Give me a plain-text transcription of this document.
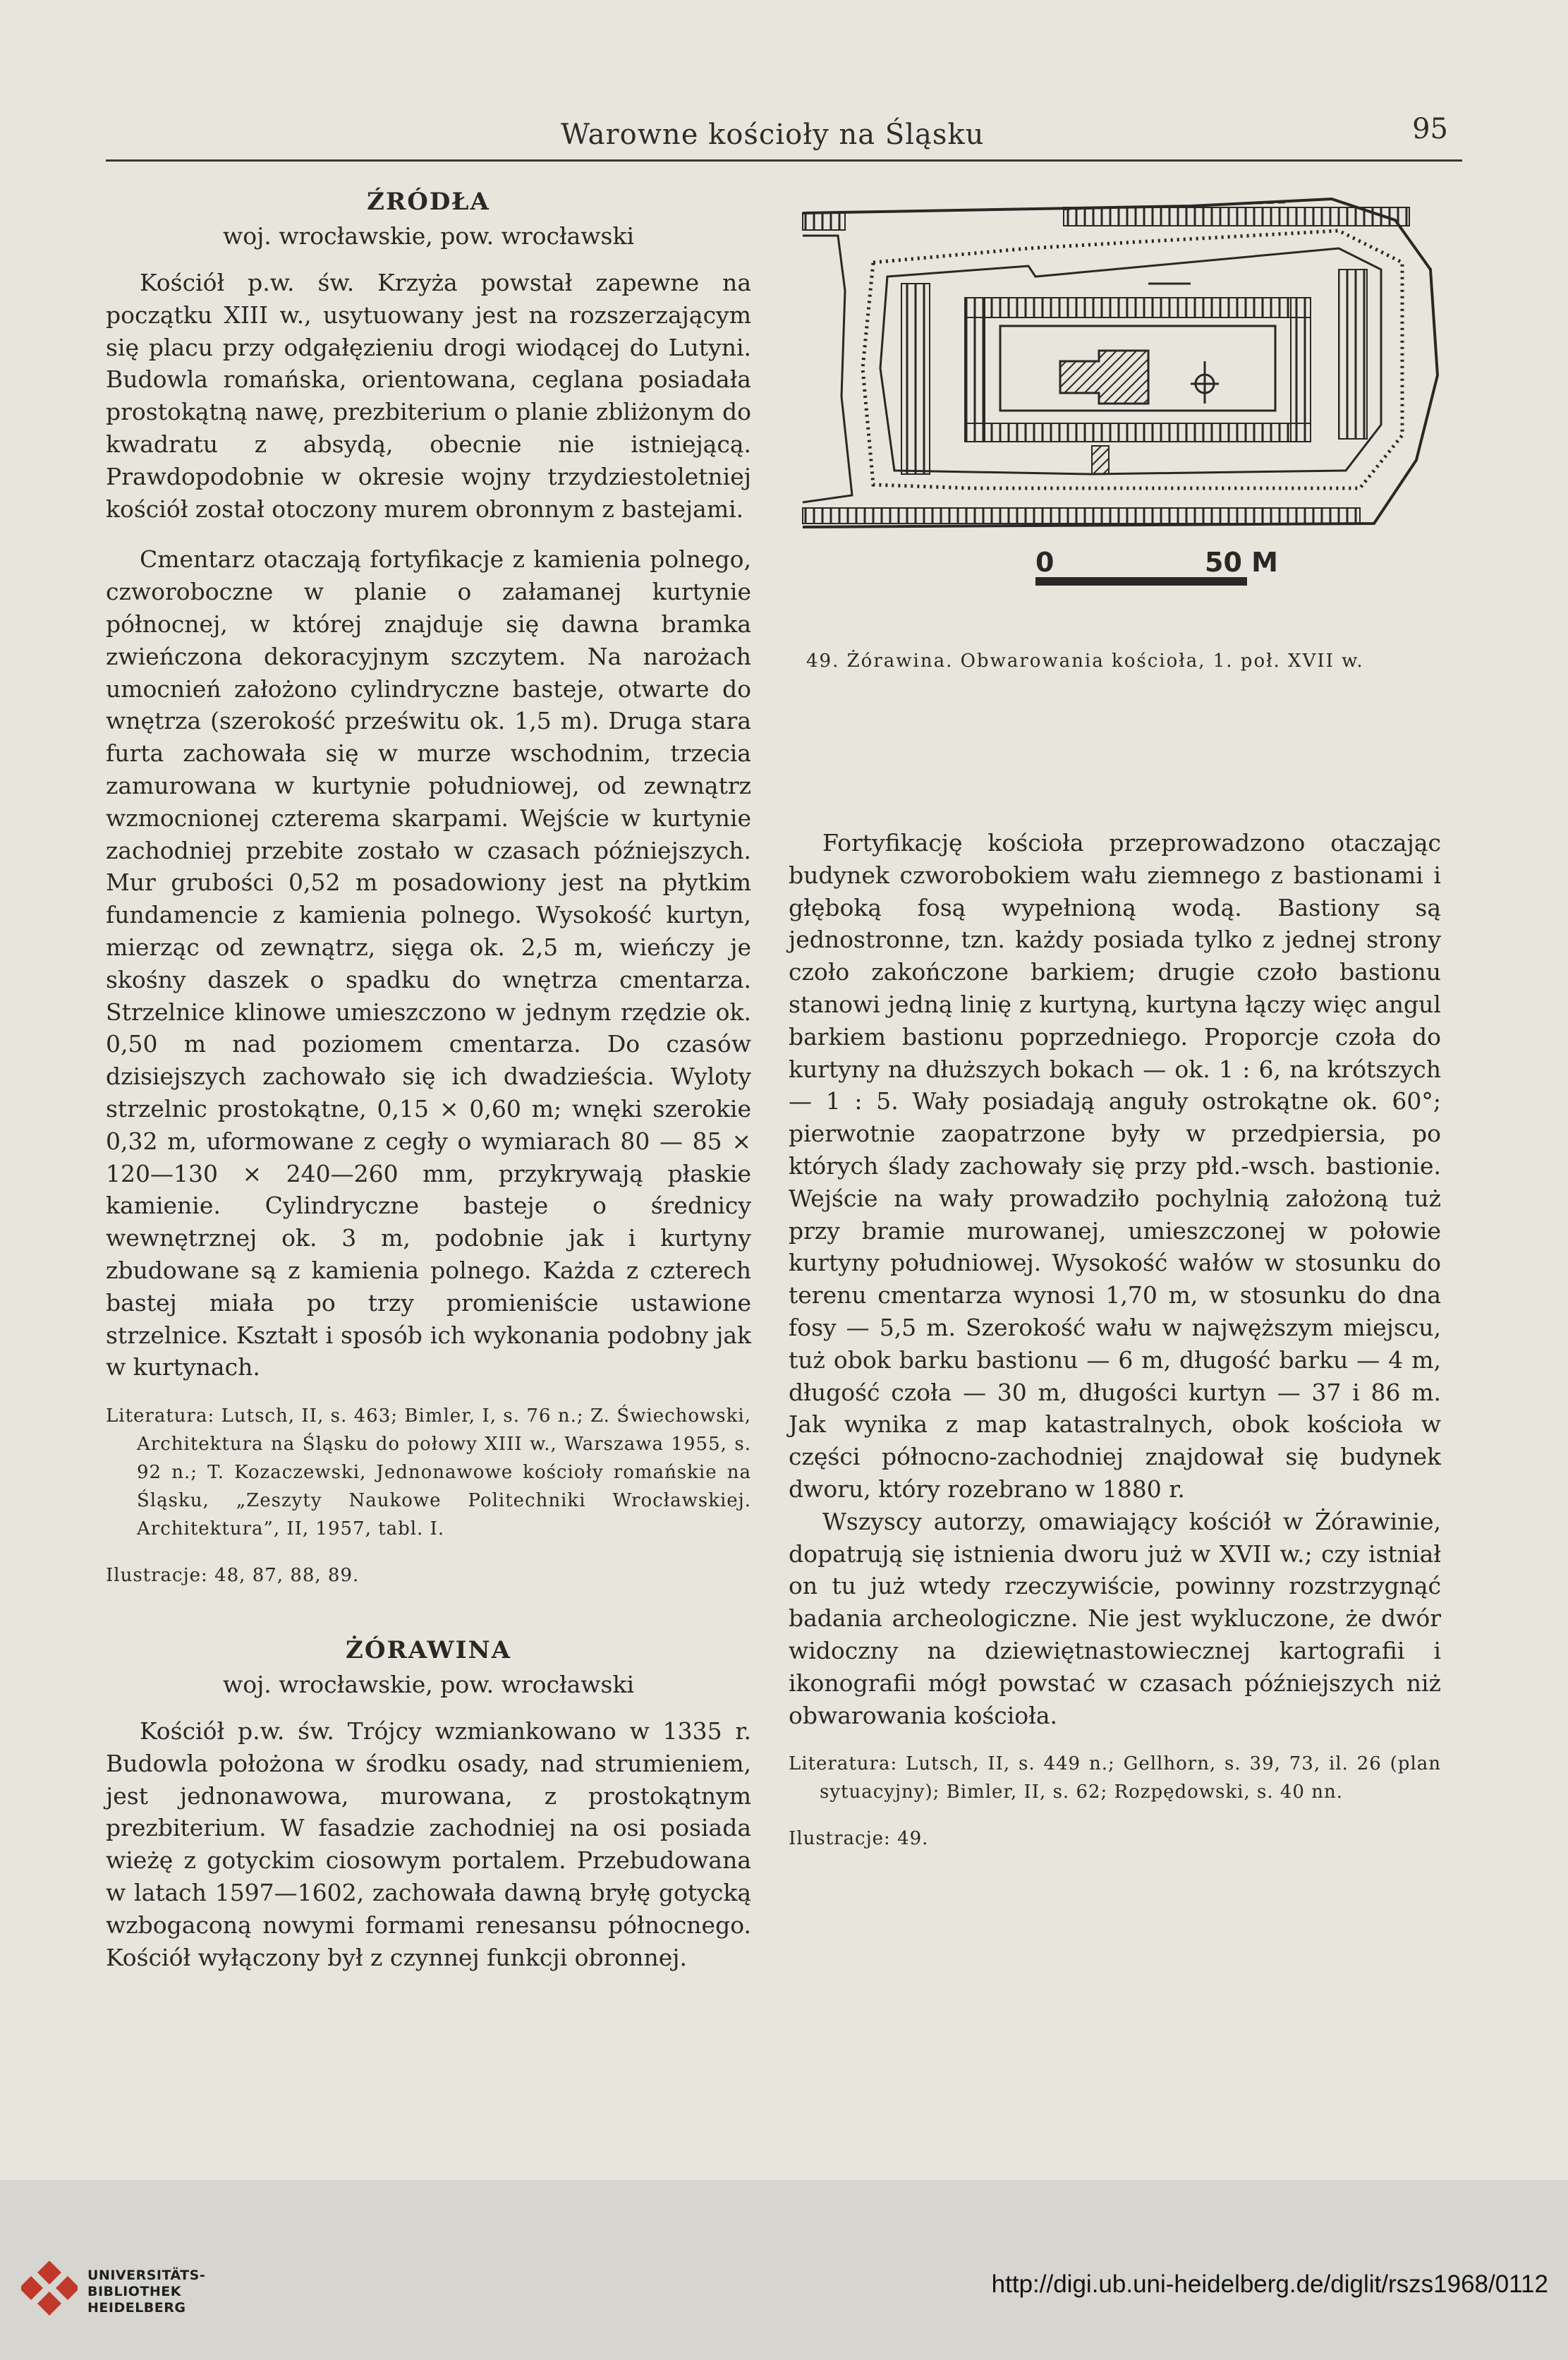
Warowne kościoły na Śląsku	95
ŹRÓDŁA
woj. wrocławskie, pow. wrocławski

Kościół p.w. św. Krzyża powstał zapewne na początku XIII w., usytuowany jest na rozszerzającym się placu przy odgałęzieniu drogi wiodącej do Lutyni. Budowla romańska, orientowana, ceglana posiadała prostokątną nawę, prezbiterium o planie zbliżonym do kwadratu z absydą, obecnie nie istniejącą. Prawdopodobnie w okresie wojny trzydziestoletniej kościół został otoczony murem obronnym z bastejami.

Cmentarz otaczają fortyfikacje z kamienia polnego, czworoboczne w planie o załamanej kurtynie północnej, w której znajduje się dawna bramka zwieńczona dekoracyjnym szczytem. Na narożach umocnień założono cylindryczne basteje, otwarte do wnętrza (szerokość prześwitu ok. 1,5 m). Druga stara furta zachowała się w murze wschodnim, trzecia zamurowana w kurtynie południowej, od zewnątrz wzmocnionej czterema skarpami. Wejście w kurtynie zachodniej przebite zostało w czasach późniejszych. Mur grubości 0,52 m posadowiony jest na płytkim fundamencie z kamienia polnego. Wysokość kurtyn, mierząc od zewnątrz, sięga ok. 2,5 m, wieńczy je skośny daszek o spadku do wnętrza cmentarza. Strzelnice klinowe umieszczono w jednym rzędzie ok. 0,50 m nad poziomem cmentarza. Do czasów dzisiejszych zachowało się ich dwadzieścia. Wyloty strzelnic prostokątne, 0,15 × 0,60 m; wnęki szerokie 0,32 m, uformowane z cegły o wymiarach 80 — 85 × 120—130 × 240—260 mm, przykrywają płaskie kamienie. Cylindryczne basteje o średnicy wewnętrznej ok. 3 m, podobnie jak i kurtyny zbudowane są z kamienia polnego. Każda z czterech bastej miała po trzy promieniście ustawione strzelnice. Kształt i sposób ich wykonania podobny jak w kurtynach.

Literatura: Lutsch, II, s. 463; Bimler, I, s. 76 n.; Z. Świechowski, Architektura na Śląsku do połowy XIII w., Warszawa 1955, s. 92 n.; T. Kozaczewski, Jednonawowe kościoły romańskie na Śląsku, „Zeszyty Naukowe Politechniki Wrocławskiej. Architektura”, II, 1957, tabl. I.

Ilustracje: 48, 87, 88, 89.

ŻÓRAWINA
woj. wrocławskie, pow. wrocławski

Kościół p.w. św. Trójcy wzmiankowano w 1335 r. Budowla położona w środku osady, nad strumieniem, jest jednonawowa, murowana, z prostokątnym prezbiterium. W fasadzie zachodniej na osi posiada wieżę z gotyckim ciosowym portalem. Przebudowana w latach 1597—1602, zachowała dawną bryłę gotycką wzbogaconą nowymi formami renesansu północnego. Kościół wyłączony był z czynnej funkcji obronnej.

0	50 M
49. Żórawina. Obwarowania kościoła, 1. poł. XVII w.

Fortyfikację kościoła przeprowadzono otaczając budynek czworobokiem wału ziemnego z bastionami i głęboką fosą wypełnioną wodą. Bastiony są jednostronne, tzn. każdy posiada tylko z jednej strony czoło zakończone barkiem; drugie czoło bastionu stanowi jedną linię z kurtyną, kurtyna łączy więc angul barkiem bastionu poprzedniego. Proporcje czoła do kurtyny na dłuższych bokach — ok. 1 : 6, na krótszych — 1 : 5. Wały posiadają anguły ostrokątne ok. 60°; pierwotnie zaopatrzone były w przedpiersia, po których ślady zachowały się przy płd.-wsch. bastionie. Wejście na wały prowadziło pochylnią założoną tuż przy bramie murowanej, umieszczonej w połowie kurtyny południowej. Wysokość wałów w stosunku do terenu cmentarza wynosi 1,70 m, w stosunku do dna fosy — 5,5 m. Szerokość wału w najwęższym miejscu, tuż obok barku bastionu — 6 m, długość barku — 4 m, długość czoła — 30 m, długości kurtyn — 37 i 86 m. Jak wynika z map katastralnych, obok kościoła w części północno-zachodniej znajdował się budynek dworu, który rozebrano w 1880 r.

Wszyscy autorzy, omawiający kościół w Żórawinie, dopatrują się istnienia dworu już w XVII w.; czy istniał on tu już wtedy rzeczywiście, powinny rozstrzygnąć badania archeologiczne. Nie jest wykluczone, że dwór widoczny na dziewiętnastowiecznej kartografii i ikonografii mógł powstać w czasach późniejszych niż obwarowania kościoła.

Literatura: Lutsch, II, s. 449 n.; Gellhorn, s. 39, 73, il. 26 (plan sytuacyjny); Bimler, II, s. 62; Rozpędowski, s. 40 nn.

Ilustracje: 49.

UNIVERSITÄTS-
BIBLIOTHEK
HEIDELBERG
http://digi.ub.uni-heidelberg.de/diglit/rszs1968/0112
